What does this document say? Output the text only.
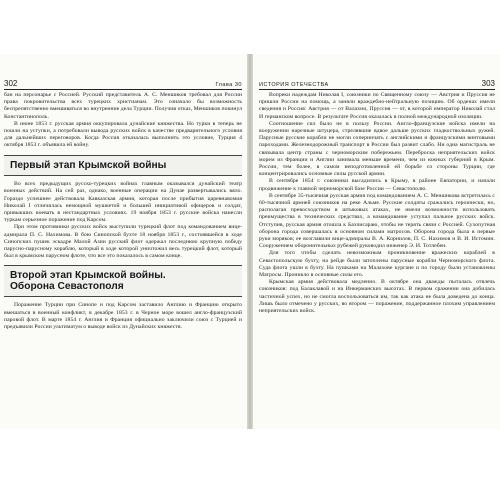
302	Глава 30

бан на персонарье с Россией. Русский представитель А. С. Меншиков требовал для России права покровительства всех турецких христианам. Это означало бы возможность беспрепятственно вмешиваться во внутренние дела Турции. Получив отказ, Меншиков покинул Константинополь.

В июне 1853 г. русская армия оккупировала дунайские княжества. Но турки в теперь не пошли на уступки, а потребовали вывода русских войск в качестве предварительного условия для дальнейших переговоров. Когда Россия отказалась выполнить это условие, Турция 4 октября 1853 г. объявила ей войну.

Первый этап Крымской войны

Во всех предыдущих русско-турецких войнах главным оказывался дунайский театр военных действий. На сей раз, однако, военные операции на Дунае развертывались вяло. Гораздо успешнее действовала Кавказская армия, которая после прибытия царевнавомия Николай I отличилась немощной мушкетой и большей инициативой офицеров и солдат, привыкших воевать в нестандартных условиях. 19 ноября 1853 г. русские войска нанесли туркам серьезное поражение под Карсом.

При этом противники русских войск выступили турецкий флот под командованием вице-адмирала П. С. Нахимова. В бою Синопской бухте 18 ноября 1853 г., состоявшейся в ходе Синопских пушек эскадре Малой Азии русский флот одержал последнюю крупную победу парусно-парусному кораблю, который в ходе которой уничтожил весь турецкий флот, который был в крымском парусном флоте, что все это показалось в самом конце.

Второй этап Крымской войны.
Оборона Севастополя

Поражение Турции при Синопе и под Карсом заставило Англию и Францию открыто вмешаться в военный конфликт, в декабре 1853 г. в Черное море вошел англо-французский паровой флот. В марте 1854 г. Англия и Франция официально заключили союз с Турцией и предъявили России ультиматум о выводе войск из Дунайских княжеств.

ИСТОРИЯ ОТЕЧЕСТВА	303

Вопреки надеждам Николая I, союзники по Священному союзу — Австрия и Пруссия не пришли России на помощь, а заняли враждебно-нейтральную позицию. Об орденах имели сведения и Россия: Австрия — от Валахии, Пруссия — от, в которой император Николай стал И германском вопросе. В результате Россия оказалась в полной международной изоляции.

Соотношение сил было не в пользу России. Англо-французские войска имели на вооружении нарезные штуцера, стрелявшие вдвое дальше русских гладкоствольных ружей. Парусные русские корабли не могли соперничать с английскими и французскими винтовыми пароходами. Железнодорожный транспорт в России был развит слабо. Ни одна магистраль не связывала центр страны с черноморским побережьем. Переброска неприятельских войск морем из Франции и Англии занимала меньше времени, чем из южных губерний в Крым. России, тем более, в самом неподготовленной ей борьбе со стороны Турции, где концентрировались основные силы русской армии.

В сентябре 1854 г. союзники высадились в Крыму, в районе Евпатории, и начали продвижение к главной черноморской базе России — Севастополю.

В сентябре 35-тысячная русская армия под командованием А. С. Меншикова встретилась с 60-тысячной армией союзников на реке Альме. Русские солдаты сражались героически, но, располагая превосходством в штыковых атаках, не имели возможности использовать преимущества в технических средствах, а командование уступал пальное русских войск. Отступив, русская армия отошла к Бахчисараю, чтобы не терять связи с Россией. Сухопутная оборона города совершалась в основном силами матросов. Оборона города была в первые руки моряков; ее возглавили вице-адмиралы В. А. Корнилов, П. С. Нахимов и В. И. Истомин. Сооружением оборонительных рубежей руководил инженер Э. И. Тотлебен.

Для того чтобы сделать невозможным проникновение вражеских кораблей в Севастопольскую бухту, на рейде были затоплены парусные корабли Черноморского флота. Суда флота ушли в бухту. На пушками на Малахове кургане и по городу были установлены Матросы. Проникло в основные силы его.

Крымская армия действовала медленно. В октябре она дважды пыталась отвлечь союзников: под Балаклавой и на Инкерманских высотах. В первом сражении она добилась частичной успех, но не смогла воспользоваться им, так как атака не была доведена до конца. Лишь было отмечено у русских, во втором — поражение, поддержанное плохим управлением неприятельских войск.
